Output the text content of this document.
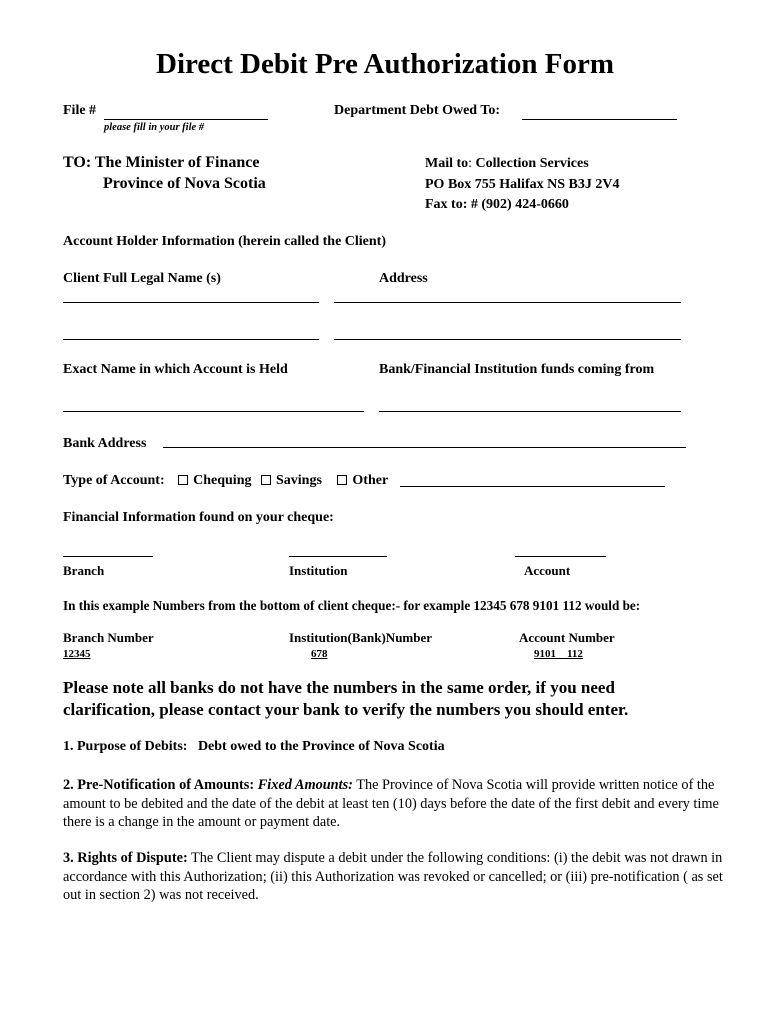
Direct Debit Pre Authorization Form
File #
please fill in your file #
Department Debt Owed To:
TO: The Minister of Finance
Province of Nova Scotia
Mail to: Collection Services
PO Box 755 Halifax NS B3J 2V4
Fax to: # (902) 424-0660
Account Holder Information (herein called the Client)
Client Full Legal Name (s)	Address
Exact Name in which Account is Held	Bank/Financial Institution funds coming from
Bank Address
Type of Account: Chequing Savings Other
Financial Information found on your cheque:
Branch	Institution	Account
In this example Numbers from the bottom of client cheque:- for example 12345 678 9101 112 would be:
Branch Number	Institution(Bank)Number	Account Number
12345	678	9101    112
Please note all banks do not have the numbers in the same order, if you need
clarification, please contact your bank to verify the numbers you should enter.
1. Purpose of Debits: Debt owed to the Province of Nova Scotia
2. Pre-Notification of Amounts: Fixed Amounts: The Province of Nova Scotia will provide written notice of the amount to be debited and the date of the debit at least ten (10) days before the date of the first debit and every time there is a change in the amount or payment date.
3. Rights of Dispute: The Client may dispute a debit under the following conditions: (i) the debit was not drawn in accordance with this Authorization; (ii) this Authorization was revoked or cancelled; or (iii) pre-notification ( as set out in section 2) was not received.
